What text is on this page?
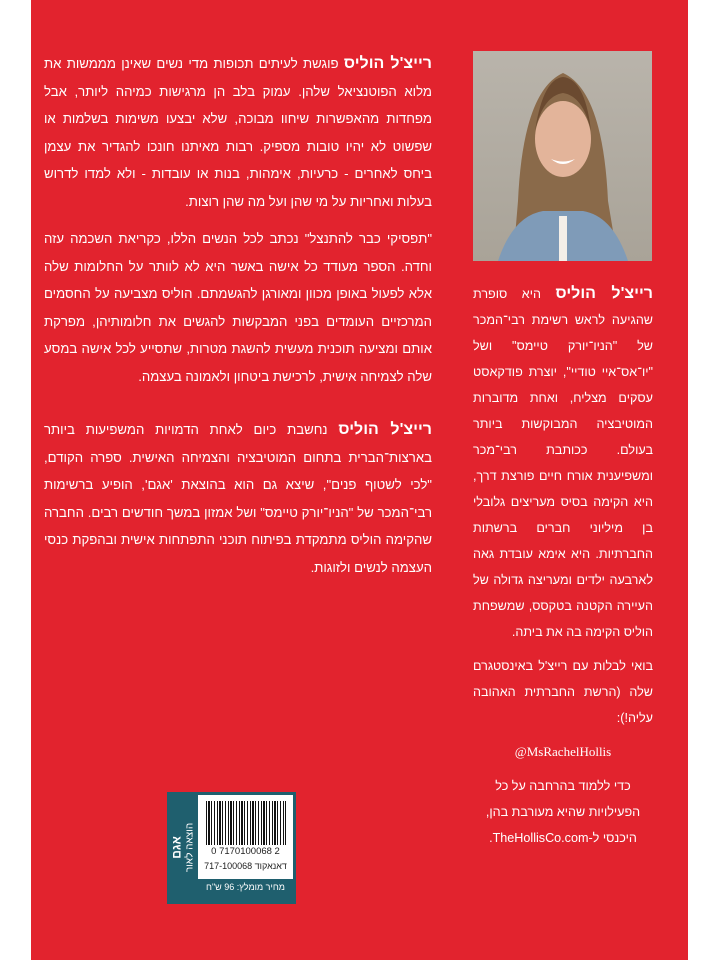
רייצ'ל הוליס פוגשת לעיתים תכופות מדי נשים שאינן מממשות את מלוא הפוטנציאל שלהן. עמוק בלב הן מרגישות כמיהה ליותר, אבל מפחדות מהאפשרות שיחוו מבוכה, שלא יבצעו משימות בשלמות או שפשוט לא יהיו טובות מספיק. רבות מאיתנו חונכו להגדיר את עצמן ביחס לאחרים - כרעיות, אימהות, בנות או עובדות - ולא למדו לדרוש בעלות ואחריות על מי שהן ועל מה שהן רוצות.

"תפסיקי כבר להתנצל" נכתב לכל הנשים הללו, כקריאת השכמה עזה וחדה. הספר מעודד כל אישה באשר היא לא לוותר על החלומות שלה אלא לפעול באופן מכוון ומאורגן להגשמתם. הוליס מצביעה על החסמים המרכזיים העומדים בפני המבקשות להגשים את חלומותיהן, מפרקת אותם ומציעה תוכנית מעשית להשגת מטרות, שתסייע לכל אישה במסע שלה לצמיחה אישית, לרכישת ביטחון ולאמונה בעצמה.

רייצ'ל הוליס נחשבת כיום לאחת הדמויות המשפיעות ביותר בארצות־הברית בתחום המוטיבציה והצמיחה האישית. ספרה הקודם, "לכי לשטוף פנים", שיצא גם הוא בהוצאת 'אגם', הופיע ברשימות רבי־המכר של "הניו־יורק טיימס" ושל אמזון במשך חודשים רבים. החברה שהקימה הוליס מתמקדת בפיתוח תוכני התפתחות אישית ובהפקת כנסי העצמה לנשים ולזוגות.

רייצ'ל הוליס היא סופרת שהגיעה לראש רשימת רבי־המכר של "הניו־יורק טיימס" ושל "יו־אס־איי טודיי", יוצרת פודקאסט עסקים מצליח, ואחת מדוברות המוטיבציה המבוקשות ביותר בעולם. ככותבת רבי־מכר ומשפיענית אורח חיים פורצת דרך, היא הקימה בסיס מעריצים גלובלי בן מיליוני חברים ברשתות החברתיות. היא אימא עובדת גאה לארבעה ילדים ומעריצה גדולה של העיירה הקטנה בטקסס, שמשפחת הוליס הקימה בה את ביתה.

בואי לבלות עם רייצ'ל באינסטגרם שלה (הרשת החברתית האהובה עליה!):

@MsRachelHollis

כדי ללמוד בהרחבה על כל הפעילויות שהיא מעורבת בהן, היכנסי ל-TheHollisCo.com.

אגם הוצאה לאור	0 7170100068 2
דאנאקוד 717-100068
מחיר מומלץ: 96 ש"ח
